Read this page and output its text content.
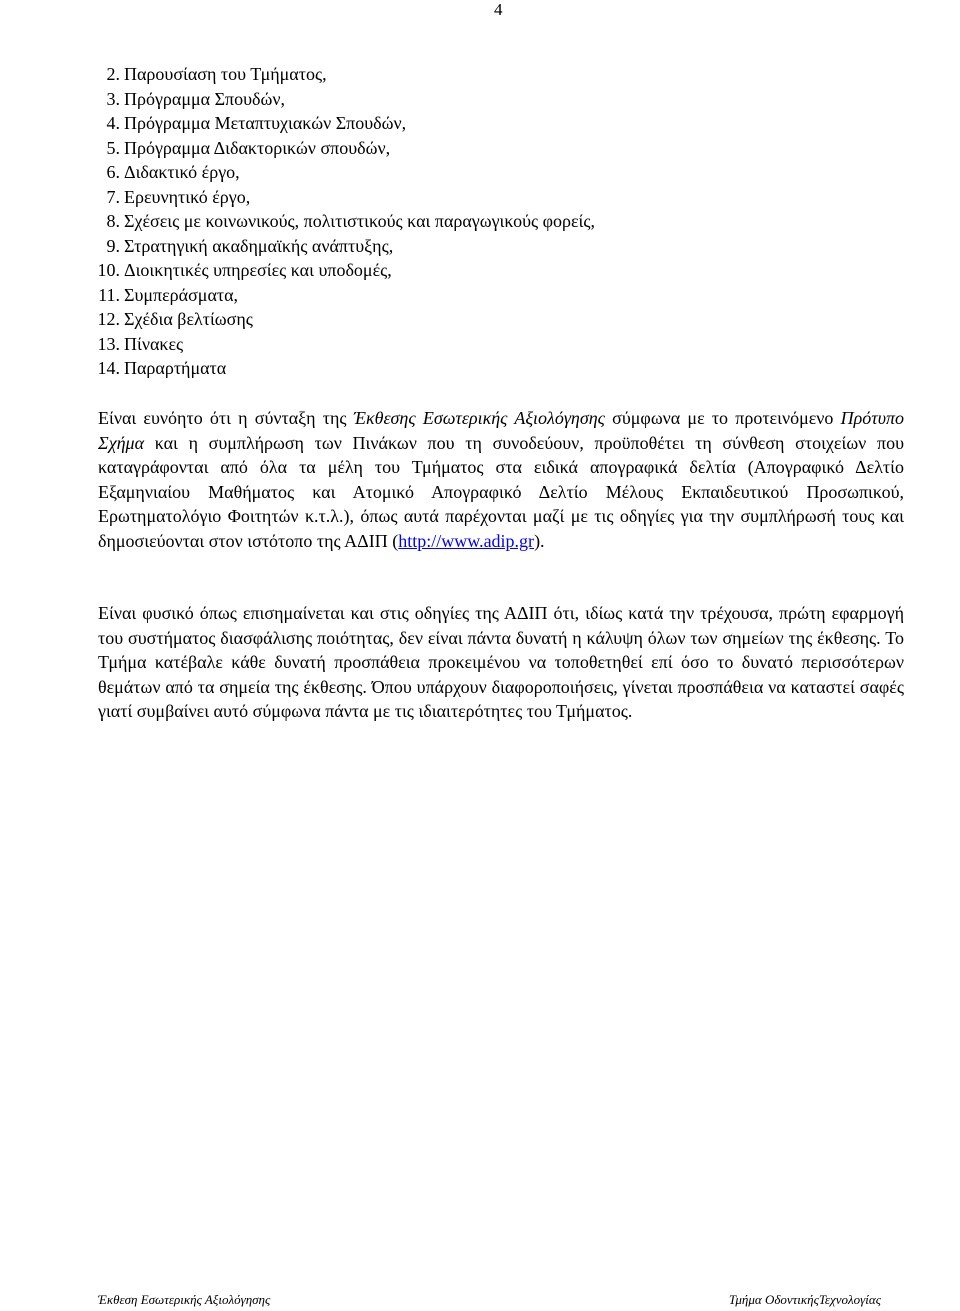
4
2. Παρουσίαση του Τμήματος,
3. Πρόγραμμα Σπουδών,
4. Πρόγραμμα Μεταπτυχιακών Σπουδών,
5. Πρόγραμμα Διδακτορικών σπουδών,
6. Διδακτικό έργο,
7. Ερευνητικό έργο,
8. Σχέσεις με κοινωνικούς, πολιτιστικούς και παραγωγικούς φορείς,
9. Στρατηγική ακαδημαϊκής ανάπτυξης,
10. Διοικητικές υπηρεσίες και υποδομές,
11. Συμπεράσματα,
12. Σχέδια βελτίωσης
13. Πίνακες
14. Παραρτήματα

Είναι ευνόητο ότι η σύνταξη της Έκθεσης Εσωτερικής Αξιολόγησης σύμφωνα με το προτεινόμενο Πρότυπο Σχήμα και η συμπλήρωση των Πινάκων που τη συνοδεύουν, προϋποθέτει τη σύνθεση στοιχείων που καταγράφονται από όλα τα μέλη του Τμήματος στα ειδικά απογραφικά δελτία (Απογραφικό Δελτίο Εξαμηνιαίου Μαθήματος και Ατομικό Απογραφικό Δελτίο Μέλους Εκπαιδευτικού Προσωπικού, Ερωτηματολόγιο Φοιτητών κ.τ.λ.), όπως αυτά παρέχονται μαζί με τις οδηγίες για την συμπλήρωσή τους και δημοσιεύονται στον ιστότοπο της ΑΔΙΠ (http://www.adip.gr).

Είναι φυσικό όπως επισημαίνεται και στις οδηγίες της ΑΔΙΠ ότι, ιδίως κατά την τρέχουσα, πρώτη εφαρμογή του συστήματος διασφάλισης ποιότητας, δεν είναι πάντα δυνατή η κάλυψη όλων των σημείων της έκθεσης. Το Τμήμα κατέβαλε κάθε δυνατή προσπάθεια προκειμένου να τοποθετηθεί επί όσο το δυνατό περισσότερων θεμάτων από τα σημεία της έκθεσης. Όπου υπάρχουν διαφοροποιήσεις, γίνεται προσπάθεια να καταστεί σαφές γιατί συμβαίνει αυτό σύμφωνα πάντα με τις ιδιαιτερότητες του Τμήματος.

Έκθεση Εσωτερικής Αξιολόγησης	Τμήμα ΟδοντικήςΤεχνολογίας
